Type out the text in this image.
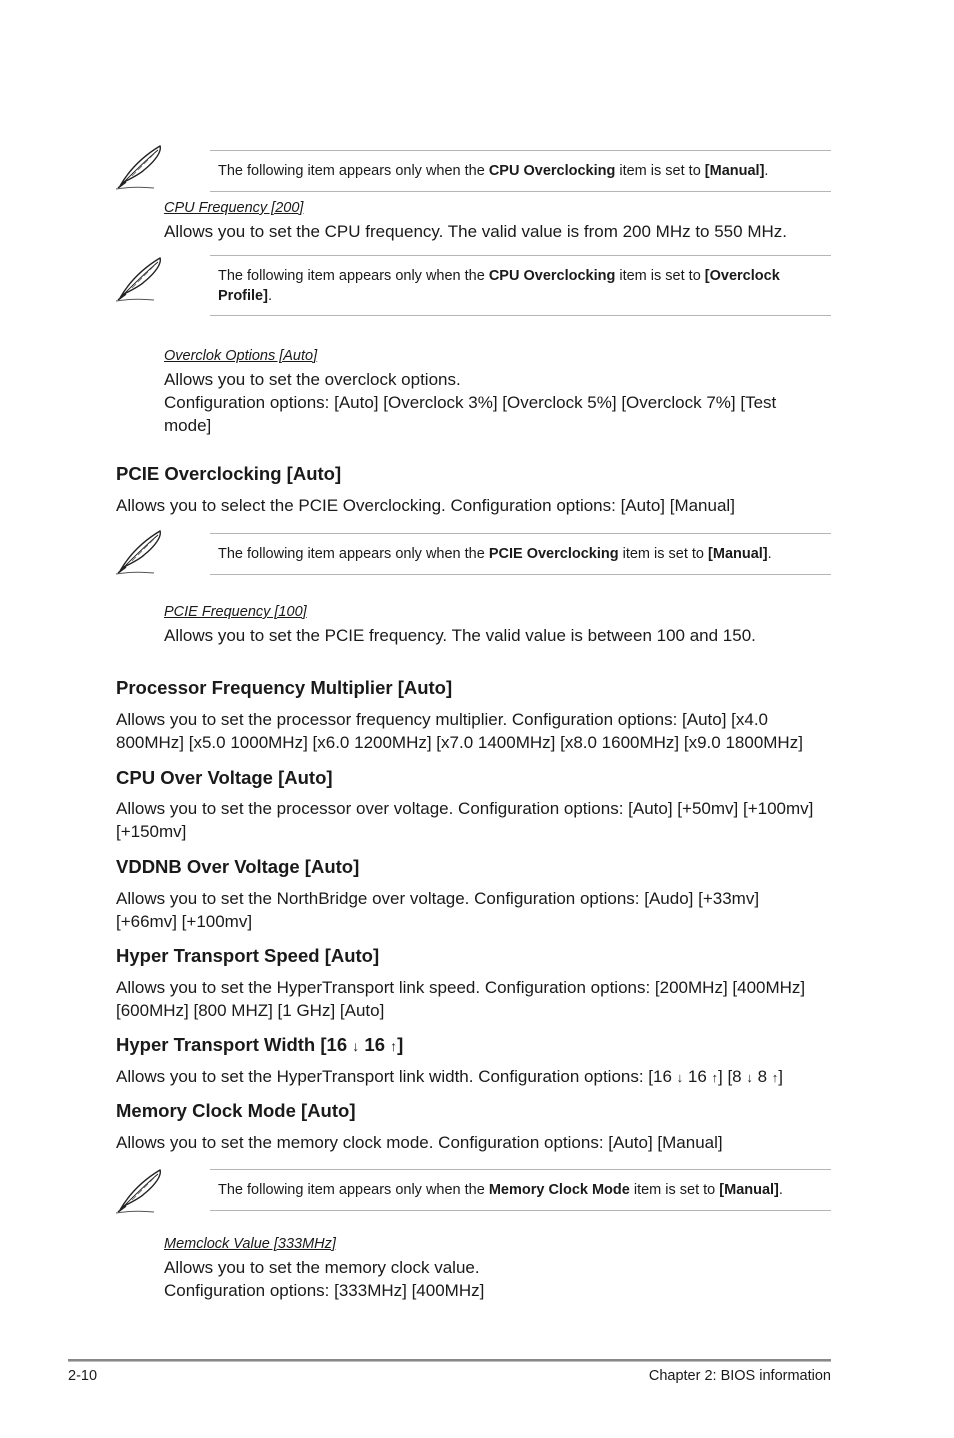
The following item appears only when the CPU Overclocking item is set to [Manual].
CPU Frequency [200]
Allows you to set the CPU frequency. The valid value is from 200 MHz to 550 MHz.
The following item appears only when the CPU Overclocking item is set to [Overclock
Profile].
Overclok Options [Auto]
Allows you to set the overclock options.
Configuration options: [Auto] [Overclock 3%] [Overclock 5%] [Overclock 7%] [Test
mode]
PCIE Overclocking [Auto]
Allows you to select the PCIE Overclocking. Configuration options: [Auto] [Manual]
The following item appears only when the PCIE Overclocking item is set to [Manual].
PCIE Frequency [100]
Allows you to set the PCIE frequency. The valid value is between 100 and 150.
Processor Frequency Multiplier [Auto]
Allows you to set the processor frequency multiplier. Configuration options: [Auto] [x4.0
800MHz] [x5.0 1000MHz] [x6.0 1200MHz] [x7.0 1400MHz] [x8.0 1600MHz] [x9.0 1800MHz]
CPU Over Voltage [Auto]
Allows you to set the processor over voltage. Configuration options: [Auto] [+50mv] [+100mv]
[+150mv]
VDDNB Over Voltage [Auto]
Allows you to set the NorthBridge over voltage. Configuration options: [Audo] [+33mv]
[+66mv] [+100mv]
Hyper Transport Speed [Auto]
Allows you to set the HyperTransport link speed. Configuration options: [200MHz] [400MHz]
[600MHz] [800 MHZ] [1 GHz] [Auto]
Hyper Transport Width [16 ↓ 16 ↑]
Allows you to set the HyperTransport link width. Configuration options: [16 ↓ 16 ↑] [8 ↓ 8 ↑]
Memory Clock Mode [Auto]
Allows you to set the memory clock mode. Configuration options: [Auto] [Manual]
The following item appears only when the Memory Clock Mode item is set to [Manual].
Memclock Value [333MHz]
Allows you to set the memory clock value.
Configuration options: [333MHz] [400MHz]
2-10	Chapter 2: BIOS information
